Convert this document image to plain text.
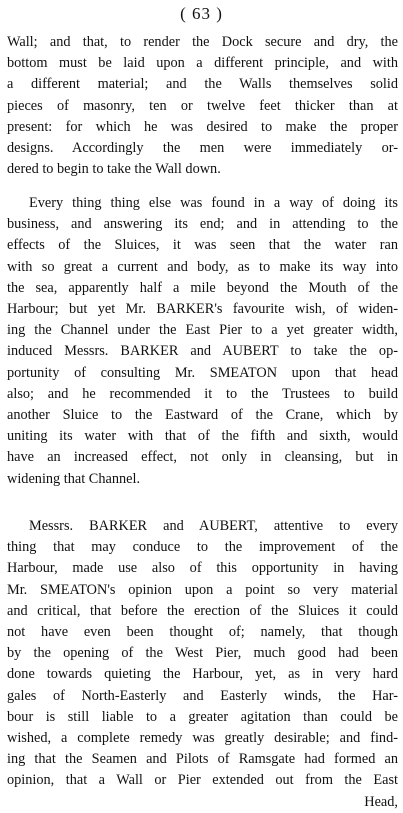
( 63 )
Wall; and that, to render the Dock secure and dry, the
bottom must be laid upon a different principle, and with
a different material; and the Walls themselves solid
pieces of masonry, ten or twelve feet thicker than at
present: for which he was desired to make the proper
designs. Accordingly the men were immediately or-
dered to begin to take the Wall down.
Every thing thing else was found in a way of doing its
business, and answering its end; and in attending to the
effects of the Sluices, it was seen that the water ran
with so great a current and body, as to make its way into
the sea, apparently half a mile beyond the Mouth of the
Harbour; but yet Mr. BARKER's favourite wish, of widen-
ing the Channel under the East Pier to a yet greater width,
induced Messrs. BARKER and AUBERT to take the op-
portunity of consulting Mr. SMEATON upon that head
also; and he recommended it to the Trustees to build
another Sluice to the Eastward of the Crane, which by
uniting its water with that of the fifth and sixth, would
have an increased effect, not only in cleansing, but in
widening that Channel.
Messrs. BARKER and AUBERT, attentive to every
thing that may conduce to the improvement of the
Harbour, made use also of this opportunity in having
Mr. SMEATON's opinion upon a point so very material
and critical, that before the erection of the Sluices it could
not have even been thought of; namely, that though
by the opening of the West Pier, much good had been
done towards quieting the Harbour, yet, as in very hard
gales of North-Easterly and Easterly winds, the Har-
bour is still liable to a greater agitation than could be
wished, a complete remedy was greatly desirable; and find-
ing that the Seamen and Pilots of Ramsgate had formed an
opinion, that a Wall or Pier extended out from the East
Head,
